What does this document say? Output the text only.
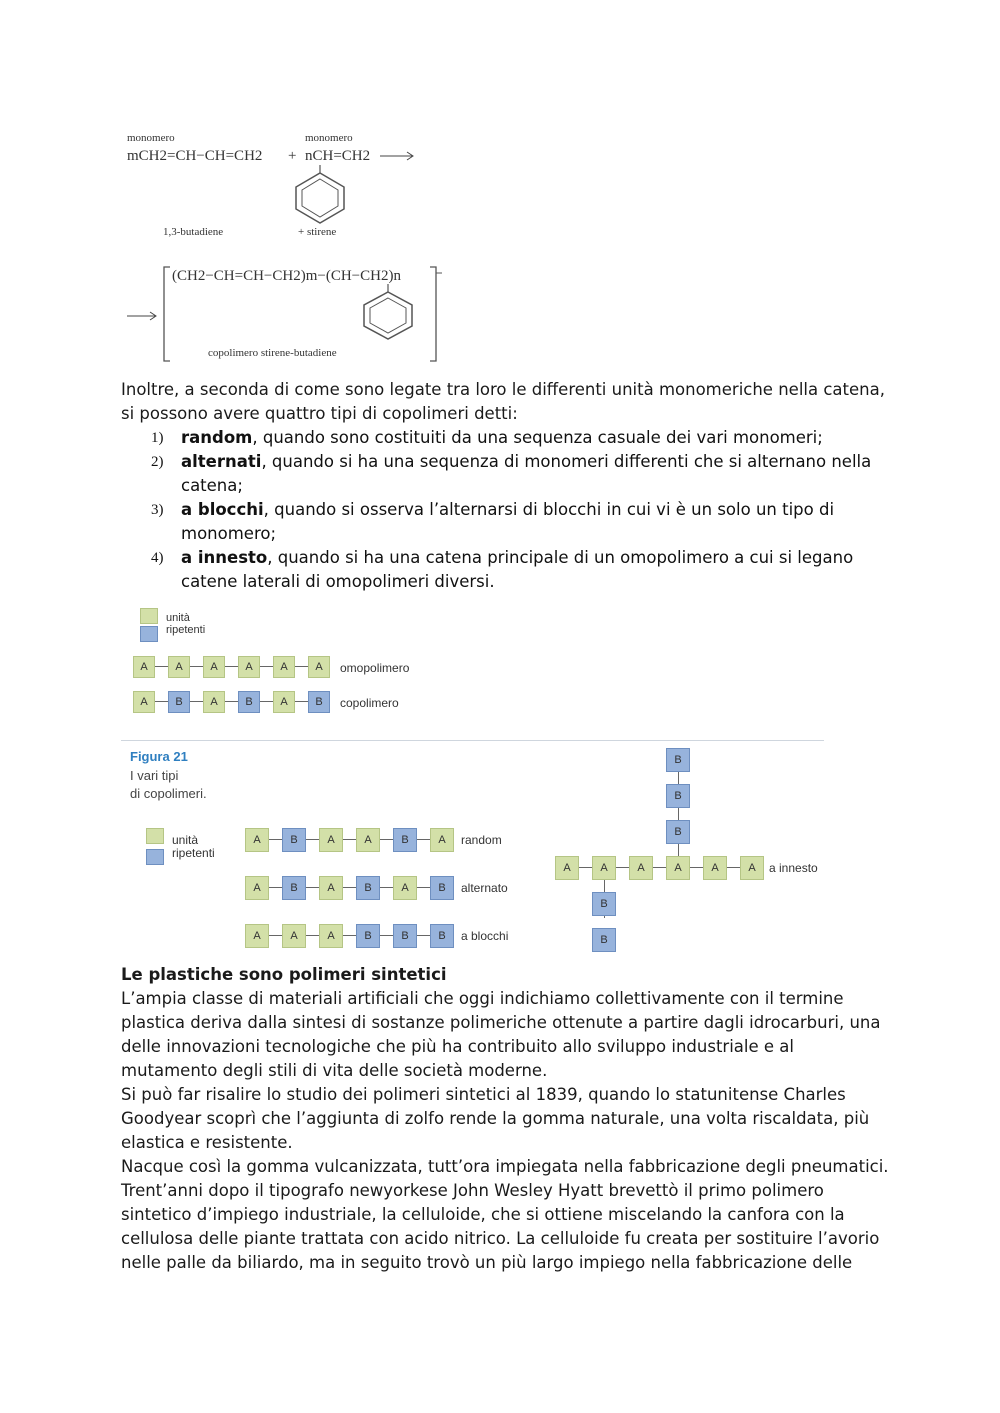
monomero
mCH2=CH−CH=CH2 +
monomero
nCH=CH2 →
1,3-butadiene	+ stirene
(CH2−CH=CH−CH2)m−(CH−CH2)n
copolimero stirene-butadiene
Inoltre, a seconda di come sono legate tra loro le differenti unità monomeriche nella catena, si possono avere quattro tipi di copolimeri detti:
1) random, quando sono costituiti da una sequenza casuale dei vari monomeri;
2) alternati, quando si ha una sequenza di monomeri differenti che si alternano nella catena;
3) a blocchi, quando si osserva l’alternarsi di blocchi in cui vi è un solo un tipo di monomero;
4) a innesto, quando si ha una catena principale di un omopolimero a cui si legano catene laterali di omopolimeri diversi.
unità
ripetenti
A	A	A	A	A	A
A	B	A	B	A	B
omopolimero
copolimero
Figura 21
I vari tipi
di copolimeri.
unità
ripetenti
A	B	A	A	B	A
A	B	A	B	A	B
A	A	A	B	B	B
A	A	A	A	A	A
B
B
B
B
B
random
alternato
a blocchi
a innesto
Le plastiche sono polimeri sintetici

L’ampia classe di materiali artificiali che oggi indichiamo collettivamente con il termine

plastica deriva dalla sintesi di sostanze polimeriche ottenute a partire dagli idrocarburi, una

delle innovazioni tecnologiche che più ha contribuito allo sviluppo industriale e al

mutamento degli stili di vita delle società moderne.

Si può far risalire lo studio dei polimeri sintetici al 1839, quando lo statunitense Charles

Goodyear scoprì che l’aggiunta di zolfo rende la gomma naturale, una volta riscaldata, più

elastica e resistente.

Nacque così la gomma vulcanizzata, tutt’ora impiegata nella fabbricazione degli pneumatici.

Trent’anni dopo il tipografo newyorkese John Wesley Hyatt brevettò il primo polimero

sintetico d’impiego industriale, la celluloide, che si ottiene miscelando la canfora con la

cellulosa delle piante trattata con acido nitrico. La celluloide fu creata per sostituire l’avorio

nelle palle da biliardo, ma in seguito trovò un più largo impiego nella fabbricazione delle
